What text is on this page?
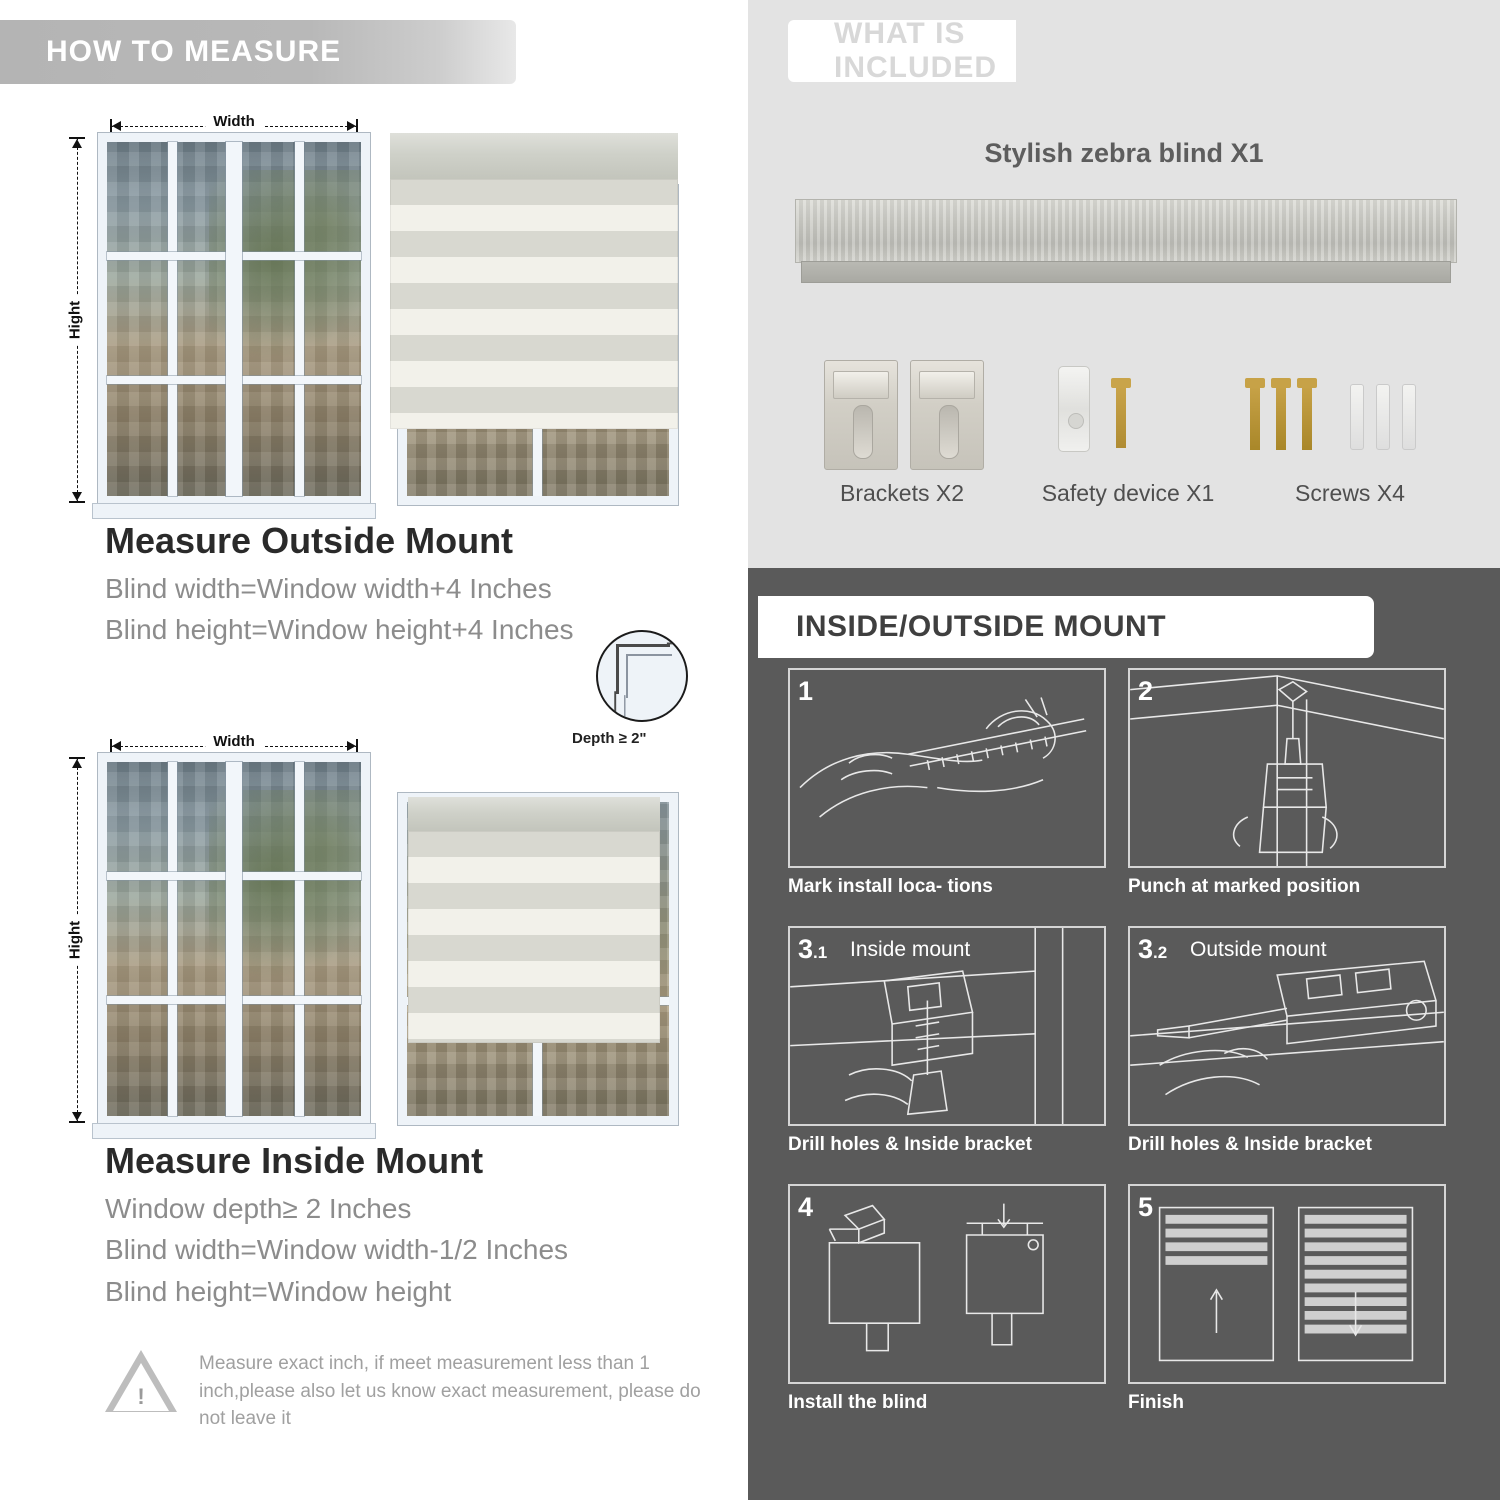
HOW TO MEASURE
Width
Hight
Measure Outside Mount
Blind width=Window width+4 Inches
Blind height=Window height+4 Inches
Width
Hight
Depth ≥ 2"
Measure Inside Mount
Window depth≥ 2 Inches
Blind width=Window width-1/2 Inches
Blind height=Window height
!
Measure exact inch, if meet measurement less than 1 inch,please also let us know exact measurement, please do not leave it
WHAT IS INCLUDED
Stylish zebra blind X1
Brackets X2	Safety device X1	Screws X4
INSIDE/OUTSIDE MOUNT
1
Mark install loca- tions
2
Punch at marked position
3.1 Inside mount
Drill holes & Inside bracket
3.2 Outside mount
Drill holes & Inside bracket
4
Install the blind
5
Finish
